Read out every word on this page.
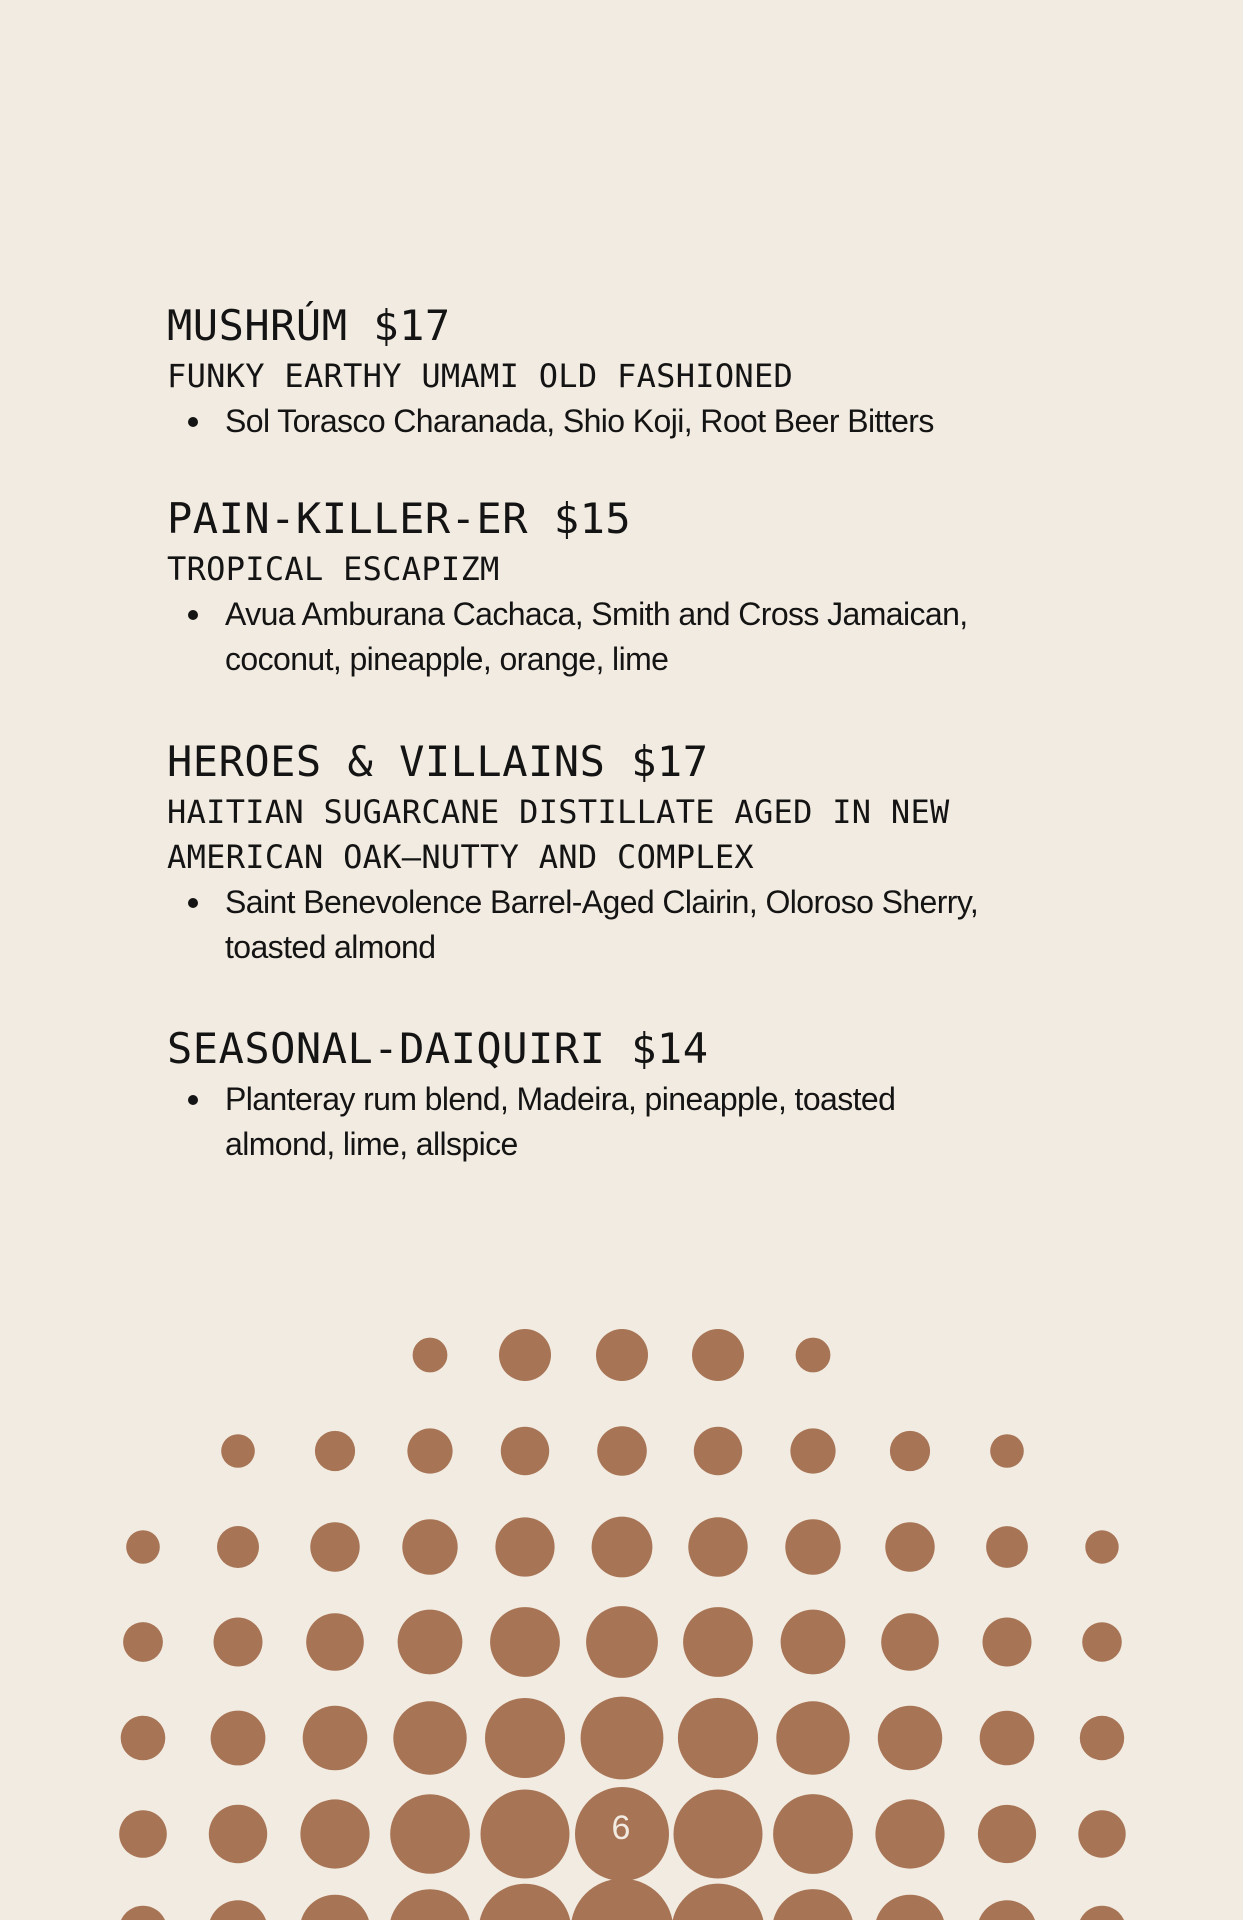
MUSHRÚM $17
FUNKY EARTHY UMAMI OLD FASHIONED
Sol Torasco Charanada, Shio Koji, Root Beer Bitters
PAIN-KILLER-ER $15
TROPICAL ESCAPIZM
Avua Amburana Cachaca, Smith and Cross Jamaican, coconut, pineapple, orange, lime
HEROES & VILLAINS $17
HAITIAN SUGARCANE DISTILLATE AGED IN NEW AMERICAN OAK—NUTTY AND COMPLEX
Saint Benevolence Barrel-Aged Clairin, Oloroso Sherry, toasted almond
SEASONAL-DAIQUIRI $14
Planteray rum blend, Madeira, pineapple, toasted almond, lime, allspice
6
